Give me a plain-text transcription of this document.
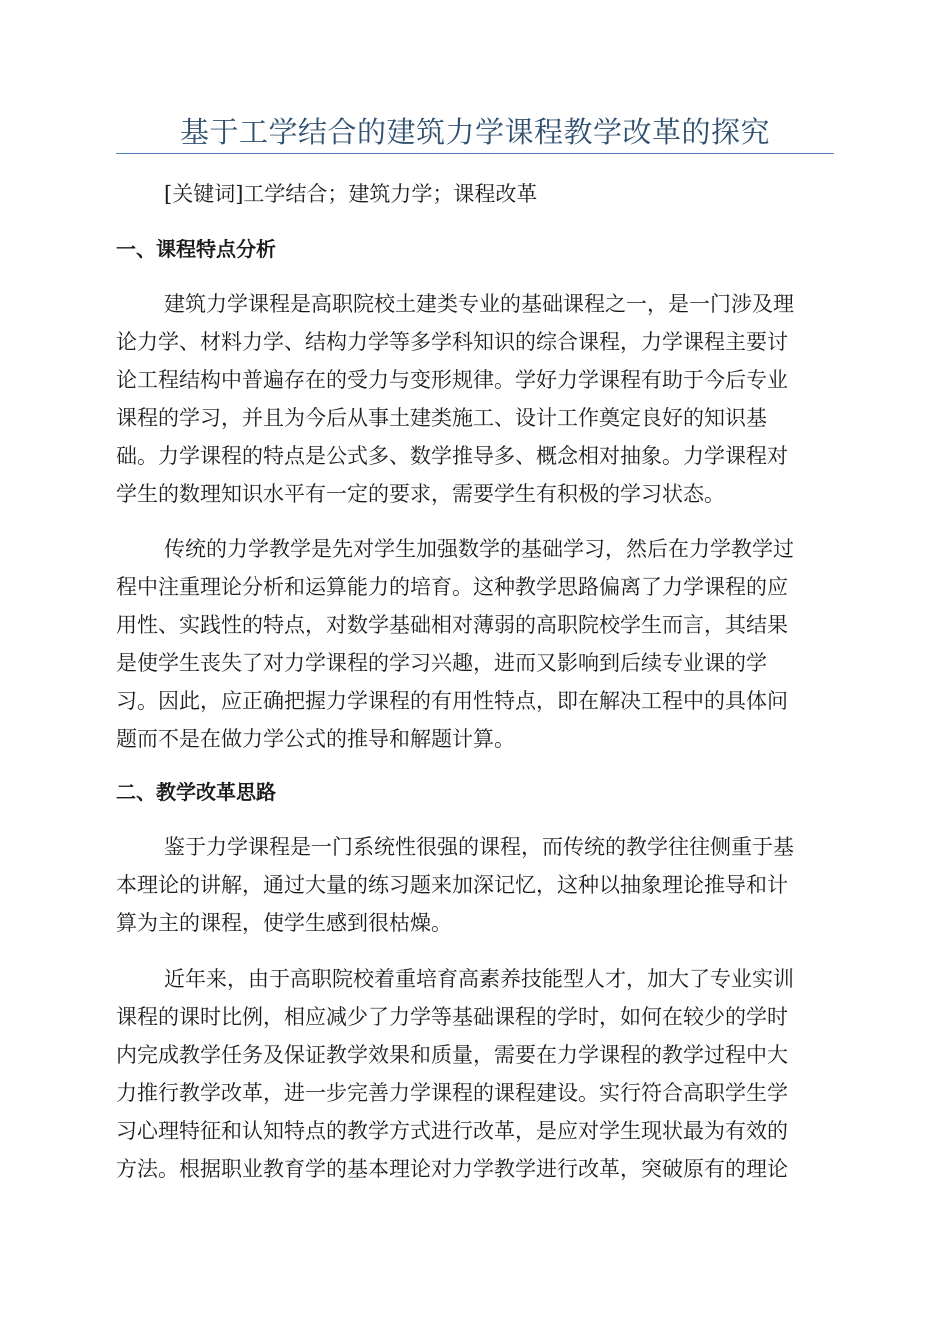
基于工学结合的建筑力学课程教学改革的探究
[关键词]工学结合；建筑力学；课程改革
一、课程特点分析
建筑力学课程是高职院校土建类专业的基础课程之一，是一门涉及理
论力学、材料力学、结构力学等多学科知识的综合课程，力学课程主要讨
论工程结构中普遍存在的受力与变形规律。学好力学课程有助于今后专业
课程的学习，并且为今后从事土建类施工、设计工作奠定良好的知识基
础。力学课程的特点是公式多、数学推导多、概念相对抽象。力学课程对
学生的数理知识水平有一定的要求，需要学生有积极的学习状态。
传统的力学教学是先对学生加强数学的基础学习，然后在力学教学过
程中注重理论分析和运算能力的培育。这种教学思路偏离了力学课程的应
用性、实践性的特点，对数学基础相对薄弱的高职院校学生而言，其结果
是使学生丧失了对力学课程的学习兴趣，进而又影响到后续专业课的学
习。因此，应正确把握力学课程的有用性特点，即在解决工程中的具体问
题而不是在做力学公式的推导和解题计算。
二、教学改革思路
鉴于力学课程是一门系统性很强的课程，而传统的教学往往侧重于基
本理论的讲解，通过大量的练习题来加深记忆，这种以抽象理论推导和计
算为主的课程，使学生感到很枯燥。
近年来，由于高职院校着重培育高素养技能型人才，加大了专业实训
课程的课时比例，相应减少了力学等基础课程的学时，如何在较少的学时
内完成教学任务及保证教学效果和质量，需要在力学课程的教学过程中大
力推行教学改革，进一步完善力学课程的课程建设。实行符合高职学生学
习心理特征和认知特点的教学方式进行改革，是应对学生现状最为有效的
方法。根据职业教育学的基本理论对力学教学进行改革，突破原有的理论
